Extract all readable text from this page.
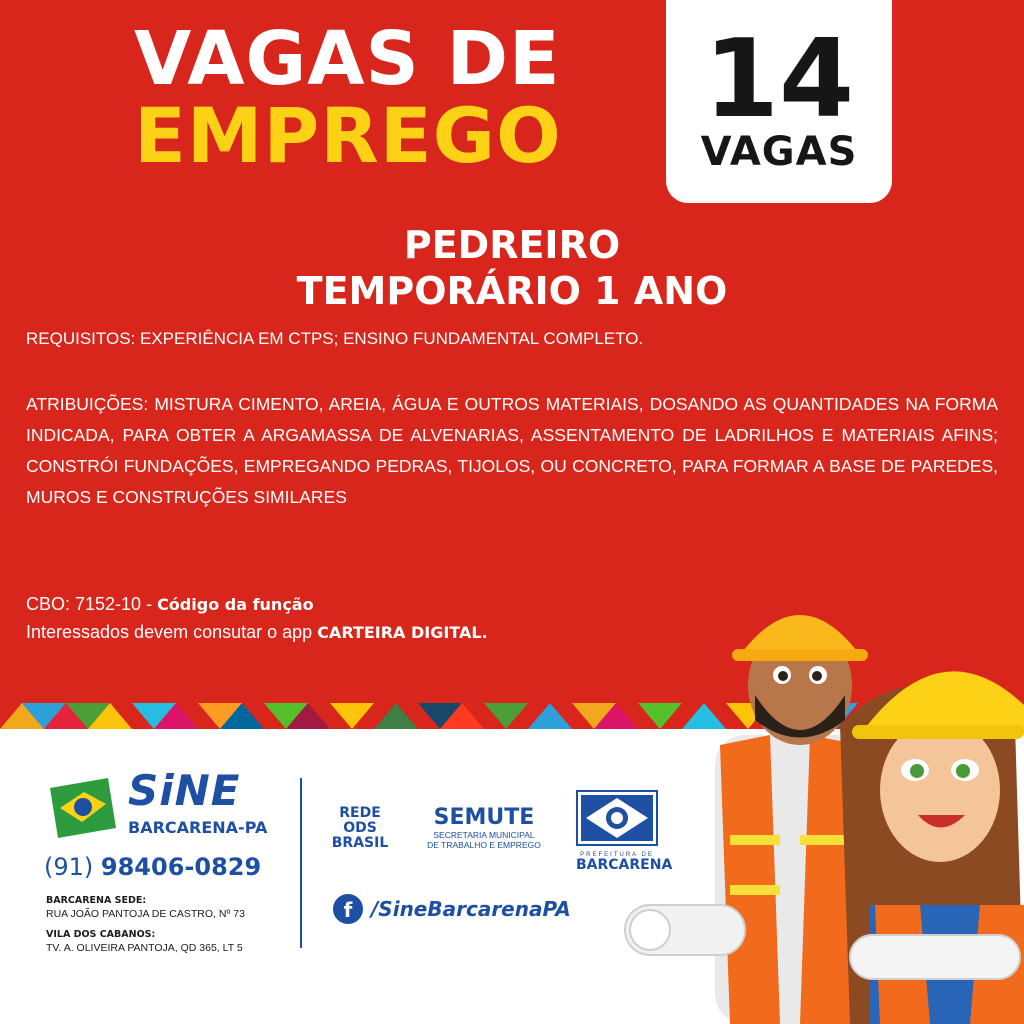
VAGAS DE
EMPREGO	14
VAGAS
PEDREIRO
TEMPORÁRIO 1 ANO
REQUISITOS: EXPERIÊNCIA EM CTPS; ENSINO FUNDAMENTAL COMPLETO.
ATRIBUIÇÕES: MISTURA CIMENTO, AREIA, ÁGUA E OUTROS MATERIAIS, DOSANDO AS QUANTIDADES NA FORMA INDICADA, PARA OBTER A ARGAMASSA DE ALVENARIAS, ASSENTAMENTO DE LADRILHOS E MATERIAIS AFINS; CONSTRÓI FUNDAÇÕES, EMPREGANDO PEDRAS, TIJOLOS, OU CONCRETO, PARA FORMAR A BASE DE PAREDES, MUROS E CONSTRUÇÕES SIMILARES
CBO: 7152-10 - Código da função
Interessados devem consutar o app CARTEIRA DIGITAL.
SiNE
BARCARENA-PA
(91) 98406-0829
BARCARENA SEDE:
RUA JOÃO PANTOJA DE CASTRO, Nº 73
VILA DOS CABANOS:
TV. A. OLIVEIRA PANTOJA, QD 365, LT 5
REDE
ODS
BRASIL
SEMUTE
SECRETARIA MUNICIPAL
DE TRABALHO E EMPREGO
PREFEITURA DE
BARCARENA
f /SineBarcarenaPA
